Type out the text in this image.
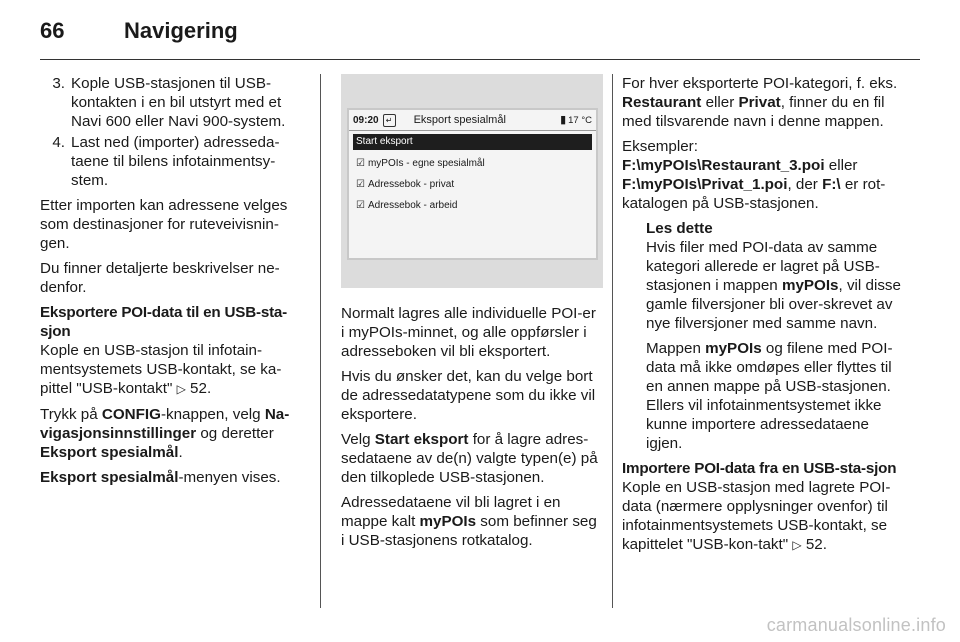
66	Navigering
3. Kople USB-stasjonen til USB-kontakten i en bil utstyrt med et Navi 600 eller Navi 900-system.
4. Last ned (importer) adresseda-taene til bilens infotainmentsy-stem.

Etter importen kan adressene velges som destinasjoner for ruteveivisnin-gen.

Du finner detaljerte beskrivelser ne-denfor.

Eksportere POI-data til en USB-sta-sjon

Kople en USB-stasjon til infotain-mentsystemets USB-kontakt, se ka-pittel "USB-kontakt" ▷ 52.

Trykk på CONFIG-knappen, velg Na-vigasjonsinnstillinger og deretter Eksport spesialmål.

Eksport spesialmål-menyen vises.

09:20 ↵ Eksport spesialmål	▮ 17 °C
Start eksport
☑ myPOIs - egne spesialmål
☑ Adressebok - privat
☑ Adressebok - arbeid

Normalt lagres alle individuelle POI-er i myPOIs-minnet, og alle oppførsler i adresseboken vil bli eksportert.

Hvis du ønsker det, kan du velge bort de adressedatatypene som du ikke vil eksportere.

Velg Start eksport for å lagre adres-sedataene av de(n) valgte typen(e) på den tilkoplede USB-stasjonen.

Adressedataene vil bli lagret i en mappe kalt myPOIs som befinner seg i USB-stasjonens rotkatalog.

For hver eksporterte POI-kategori, f. eks. Restaurant eller Privat, finner du en fil med tilsvarende navn i denne mappen.

Eksempler:
F:\myPOIs\Restaurant_3.poi eller
F:\myPOIs\Privat_1.poi, der F:\ er rot-katalogen på USB-stasjonen.

Les dette

Hvis filer med POI-data av samme kategori allerede er lagret på USB-stasjonen i mappen myPOIs, vil disse gamle filversjoner bli over-skrevet av nye filversjoner med samme navn.

Mappen myPOIs og filene med POI-data må ikke omdøpes eller flyttes til en annen mappe på USB-stasjonen. Ellers vil infotainmentsystemet ikke kunne importere adressedataene igjen.

Importere POI-data fra en USB-sta-sjon

Kople en USB-stasjon med lagrete POI-data (nærmere opplysninger ovenfor) til infotainmentsystemets USB-kontakt, se kapittelet "USB-kon-takt" ▷ 52.

carmanualsonline.info
